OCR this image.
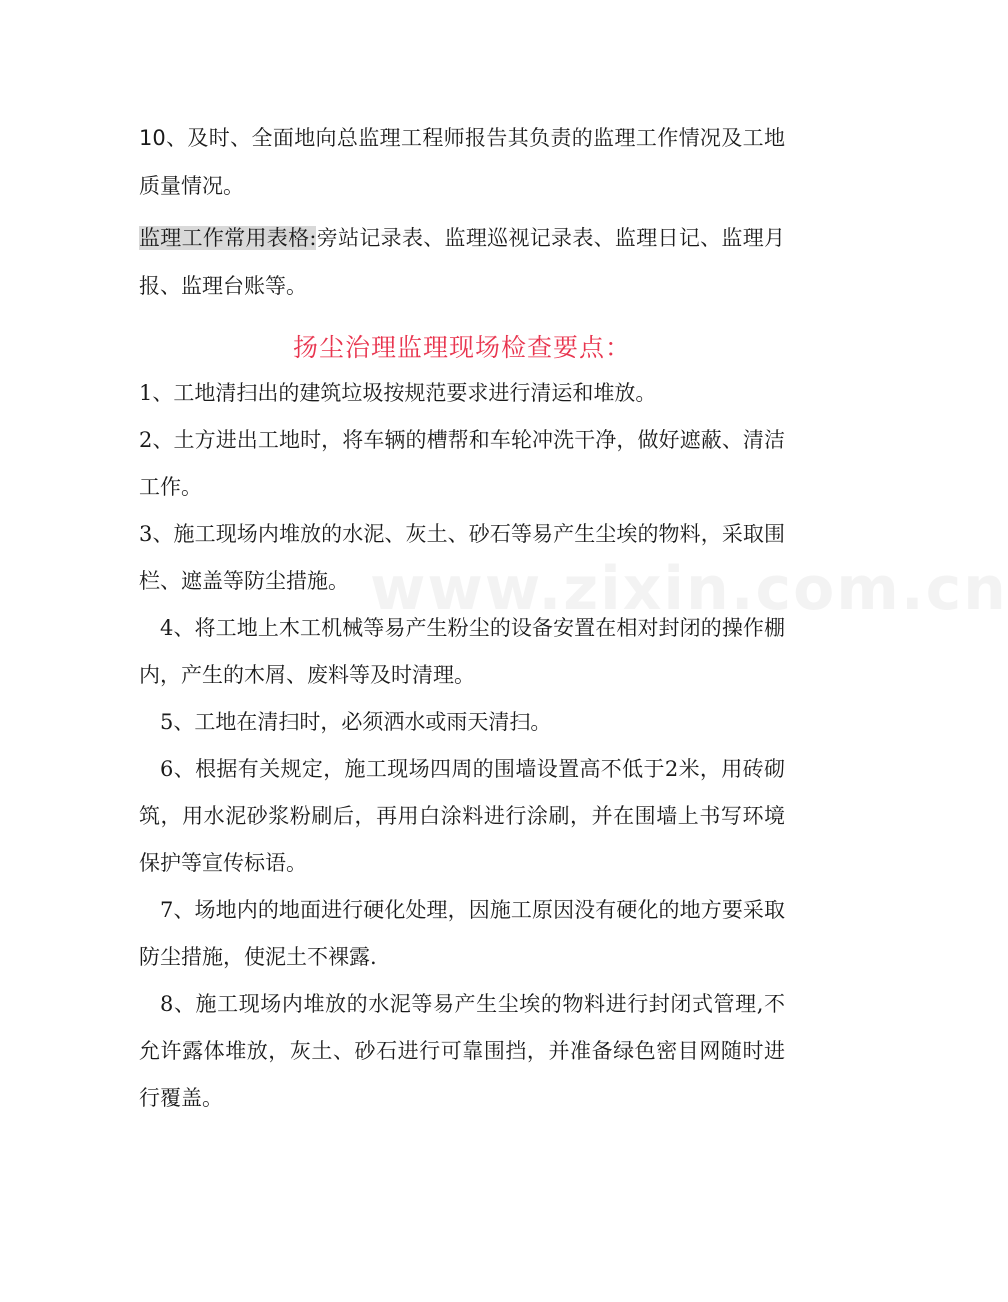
10、及时、全面地向总监理工程师报告其负责的监理工作情况及工地质量情况。

监理工作常用表格:旁站记录表、监理巡视记录表、监理日记、监理月报、监理台账等。

扬尘治理监理现场检查要点：

1、工地清扫出的建筑垃圾按规范要求进行清运和堆放。

2、土方进出工地时，将车辆的槽帮和车轮冲洗干净，做好遮蔽、清洁工作。

3、施工现场内堆放的水泥、灰土、砂石等易产生尘埃的物料，采取围栏、遮盖等防尘措施。

4、将工地上木工机械等易产生粉尘的设备安置在相对封闭的操作棚内，产生的木屑、废料等及时清理。

5、工地在清扫时，必须洒水或雨天清扫。

6、根据有关规定，施工现场四周的围墙设置高不低于2米，用砖砌筑，用水泥砂浆粉刷后，再用白涂料进行涂刷，并在围墙上书写环境保护等宣传标语。

7、场地内的地面进行硬化处理，因施工原因没有硬化的地方要采取防尘措施，使泥土不裸露.

8、施工现场内堆放的水泥等易产生尘埃的物料进行封闭式管理,不允许露体堆放，灰土、砂石进行可靠围挡，并准备绿色密目网随时进行覆盖。

www.zixin.com.cn
